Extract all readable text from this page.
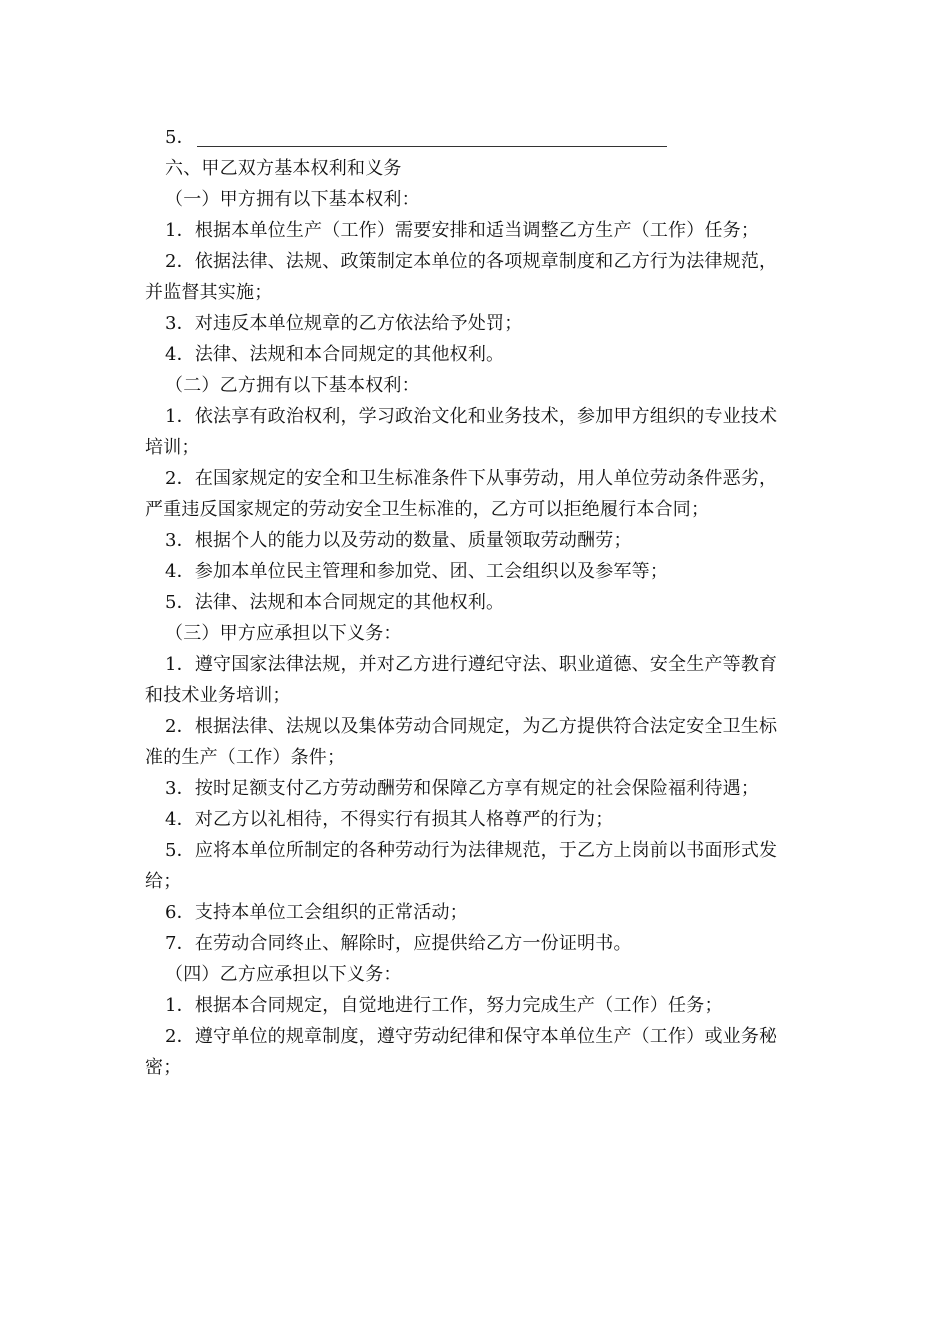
5．
六、甲乙双方基本权利和义务
（一）甲方拥有以下基本权利：
1．根据本单位生产（工作）需要安排和适当调整乙方生产（工作）任务；
2．依据法律、法规、政策制定本单位的各项规章制度和乙方行为法律规范，
并监督其实施；
3．对违反本单位规章的乙方依法给予处罚；
4．法律、法规和本合同规定的其他权利。
（二）乙方拥有以下基本权利：
1．依法享有政治权利，学习政治文化和业务技术，参加甲方组织的专业技术
培训；
2．在国家规定的安全和卫生标准条件下从事劳动，用人单位劳动条件恶劣，
严重违反国家规定的劳动安全卫生标准的，乙方可以拒绝履行本合同；
3．根据个人的能力以及劳动的数量、质量领取劳动酬劳；
4．参加本单位民主管理和参加党、团、工会组织以及参军等；
5．法律、法规和本合同规定的其他权利。
（三）甲方应承担以下义务：
1．遵守国家法律法规，并对乙方进行遵纪守法、职业道德、安全生产等教育
和技术业务培训；
2．根据法律、法规以及集体劳动合同规定，为乙方提供符合法定安全卫生标
准的生产（工作）条件；
3．按时足额支付乙方劳动酬劳和保障乙方享有规定的社会保险福利待遇；
4．对乙方以礼相待，不得实行有损其人格尊严的行为；
5．应将本单位所制定的各种劳动行为法律规范，于乙方上岗前以书面形式发
给；
6．支持本单位工会组织的正常活动；
7．在劳动合同终止、解除时，应提供给乙方一份证明书。
（四）乙方应承担以下义务：
1．根据本合同规定，自觉地进行工作，努力完成生产（工作）任务；
2．遵守单位的规章制度，遵守劳动纪律和保守本单位生产（工作）或业务秘
密；
